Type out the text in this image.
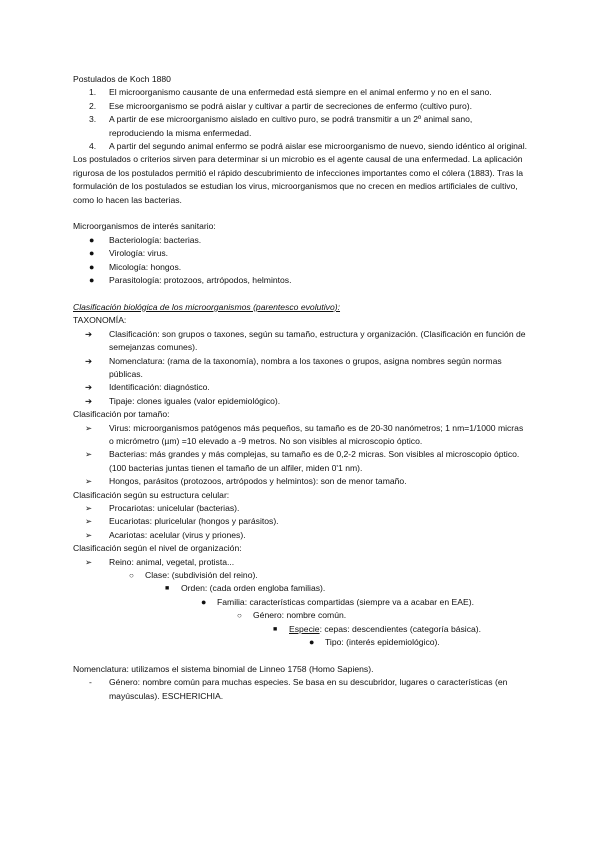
Postulados de Koch 1880

1. El microorganismo causante de una enfermedad está siempre en el animal enfermo y no en el sano.
2. Ese microorganismo se podrá aislar y cultivar a partir de secreciones de enfermo (cultivo puro).
3. A partir de ese microorganismo aislado en cultivo puro, se podrá transmitir a un 2º animal sano, reproduciendo la misma enfermedad.
4. A partir del segundo animal enfermo se podrá aislar ese microorganismo de nuevo, siendo idéntico al original.

Los postulados o criterios sirven para determinar si un microbio es el agente causal de una enfermedad. La aplicación rigurosa de los postulados permitió el rápido descubrimiento de infecciones importantes como el cólera (1883). Tras la formulación de los postulados se estudian los virus, microorganismos que no crecen en medios artificiales de cultivo, como lo hacen las bacterias.

Microorganismos de interés sanitario:

● Bacteriología: bacterias.
● Virología: virus.
● Micología: hongos.
● Parasitología: protozoos, artrópodos, helmintos.

Clasificación biológica de los microorganismos (parentesco evolutivo):

TAXONOMÍA:

➔ Clasificación: son grupos o taxones, según su tamaño, estructura y organización. (Clasificación en función de semejanzas comunes).
➔ Nomenclatura: (rama de la taxonomía), nombra a los taxones o grupos, asigna nombres según normas públicas.
➔ Identificación: diagnóstico.
➔ Tipaje: clones iguales (valor epidemiológico).

Clasificación por tamaño:

➢ Virus: microorganismos patógenos más pequeños, su tamaño es de 20-30 nanómetros; 1 nm=1/1000 micras o micrómetro (µm) =10 elevado a -9 metros. No son visibles al microscopio óptico.
➢ Bacterias: más grandes y más complejas, su tamaño es de 0,2-2 micras. Son visibles al microscopio óptico. (100 bacterias juntas tienen el tamaño de un alfiler, miden 0'1 nm).
➢ Hongos, parásitos (protozoos, artrópodos y helmintos): son de menor tamaño.

Clasificación según su estructura celular:

➢ Procariotas: unicelular (bacterias).
➢ Eucariotas: pluricelular (hongos y parásitos).
➢ Acariotas: acelular (virus y priones).

Clasificación según el nivel de organización:

➢ Reino: animal, vegetal, protista...
○ Clase: (subdivisión del reino).
■ Orden: (cada orden engloba familias).
● Familia: características compartidas (siempre va a acabar en EAE).
○ Género: nombre común.
■ Especie: cepas: descendientes (categoría básica).
● Tipo: (interés epidemiológico).

Nomenclatura: utilizamos el sistema binomial de Linneo 1758 (Homo Sapiens).

- Género: nombre común para muchas especies. Se basa en su descubridor, lugares o características (en mayúsculas). ESCHERICHIA.
